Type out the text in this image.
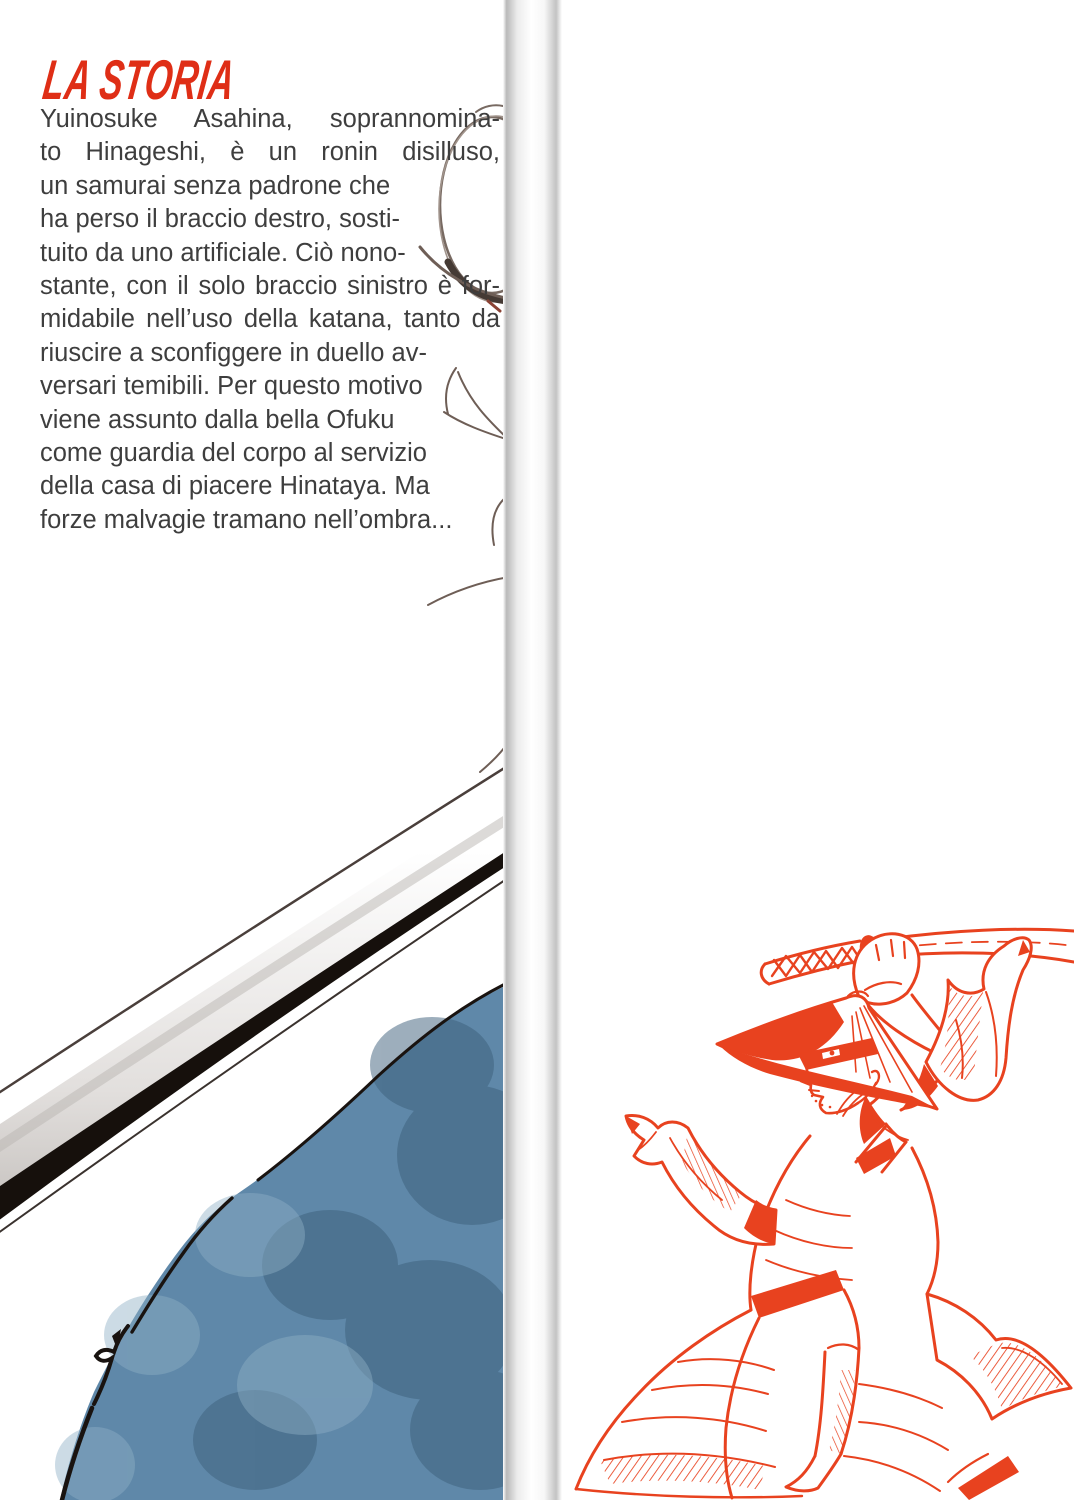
LA STORIA
Yuinosuke Asahina, soprannomina-
to Hinageshi, è un ronin disilluso,
un samurai senza padrone che
ha perso il braccio destro, sosti-
tuito da uno artificiale. Ciò nono-
stante, con il solo braccio sinistro è for-
midabile nell’uso della katana, tanto da
riuscire a sconfiggere in duello av-
versari temibili. Per questo motivo
viene assunto dalla bella Ofuku
come guardia del corpo al servizio
della casa di piacere Hinataya. Ma
forze malvagie tramano nell’ombra...
